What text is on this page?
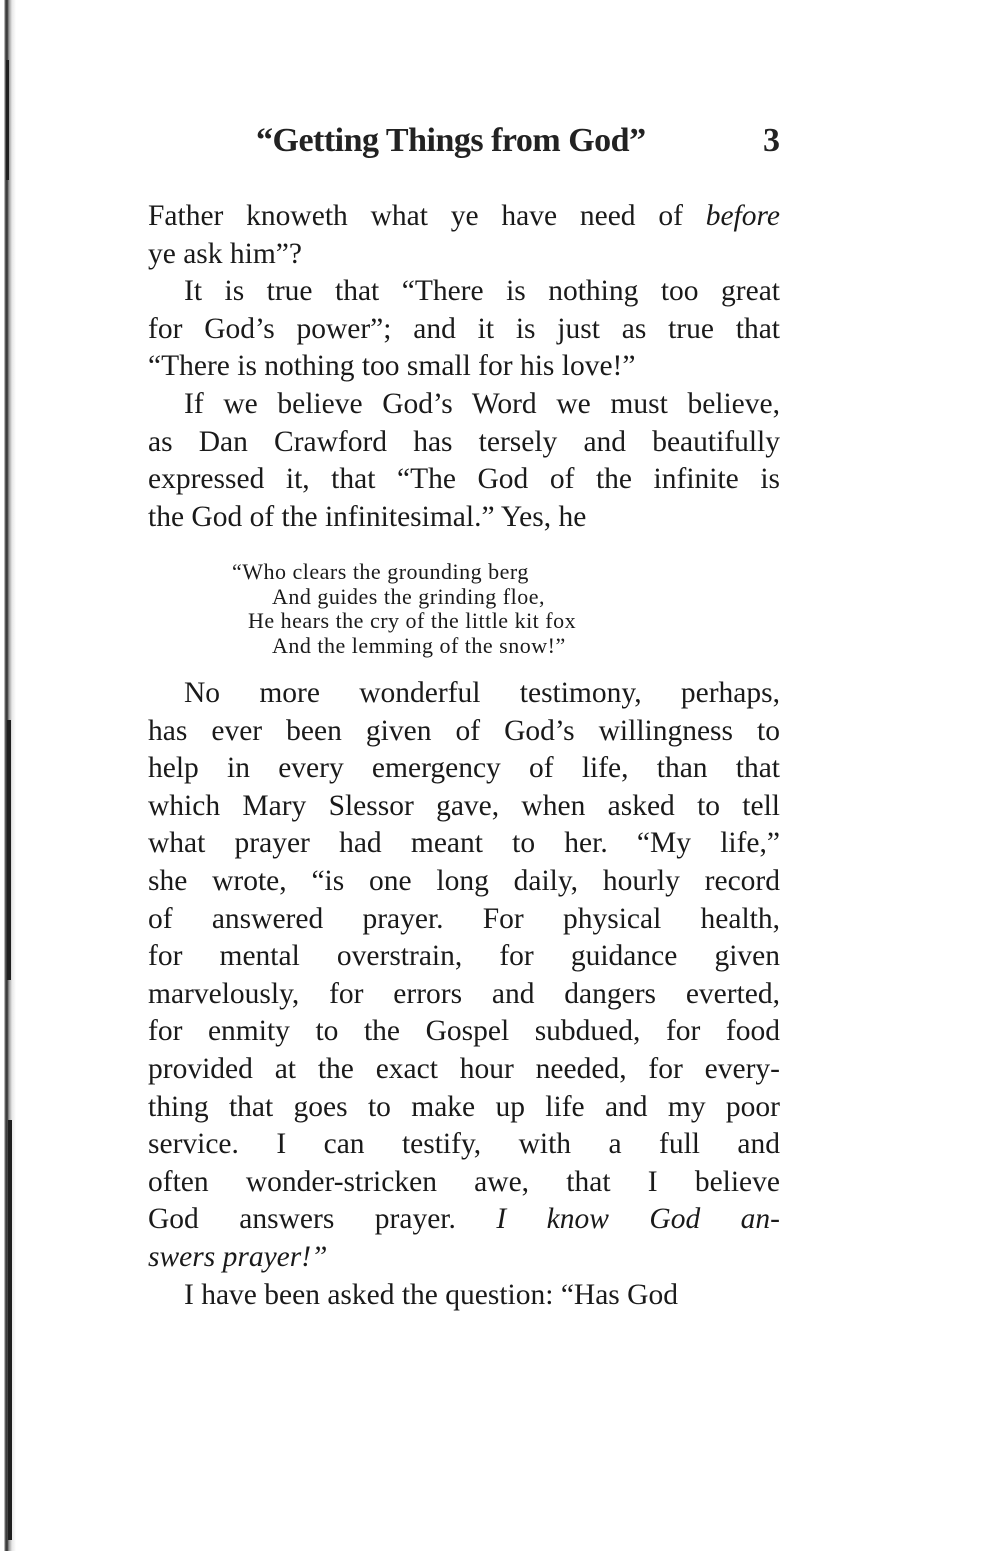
“Getting Things from God”	3
Father knoweth what ye have need of before
ye ask him”?
It is true that “There is nothing too great
for God’s power”; and it is just as true that
“There is nothing too small for his love!”
If we believe God’s Word we must believe,
as Dan Crawford has tersely and beautifully
expressed it, that “The God of the infinite is
the God of the infinitesimal.” Yes, he
“Who clears the grounding berg
And guides the grinding floe,
He hears the cry of the little kit fox
And the lemming of the snow!”
No more wonderful testimony, perhaps,
has ever been given of God’s willingness to
help in every emergency of life, than that
which Mary Slessor gave, when asked to tell
what prayer had meant to her. “My life,”
she wrote, “is one long daily, hourly record
of answered prayer. For physical health,
for mental overstrain, for guidance given
marvelously, for errors and dangers everted,
for enmity to the Gospel subdued, for food
provided at the exact hour needed, for every-
thing that goes to make up life and my poor
service. I can testify, with a full and
often wonder-stricken awe, that I believe
God answers prayer. I know God an-
swers prayer!”
I have been asked the question: “Has God
